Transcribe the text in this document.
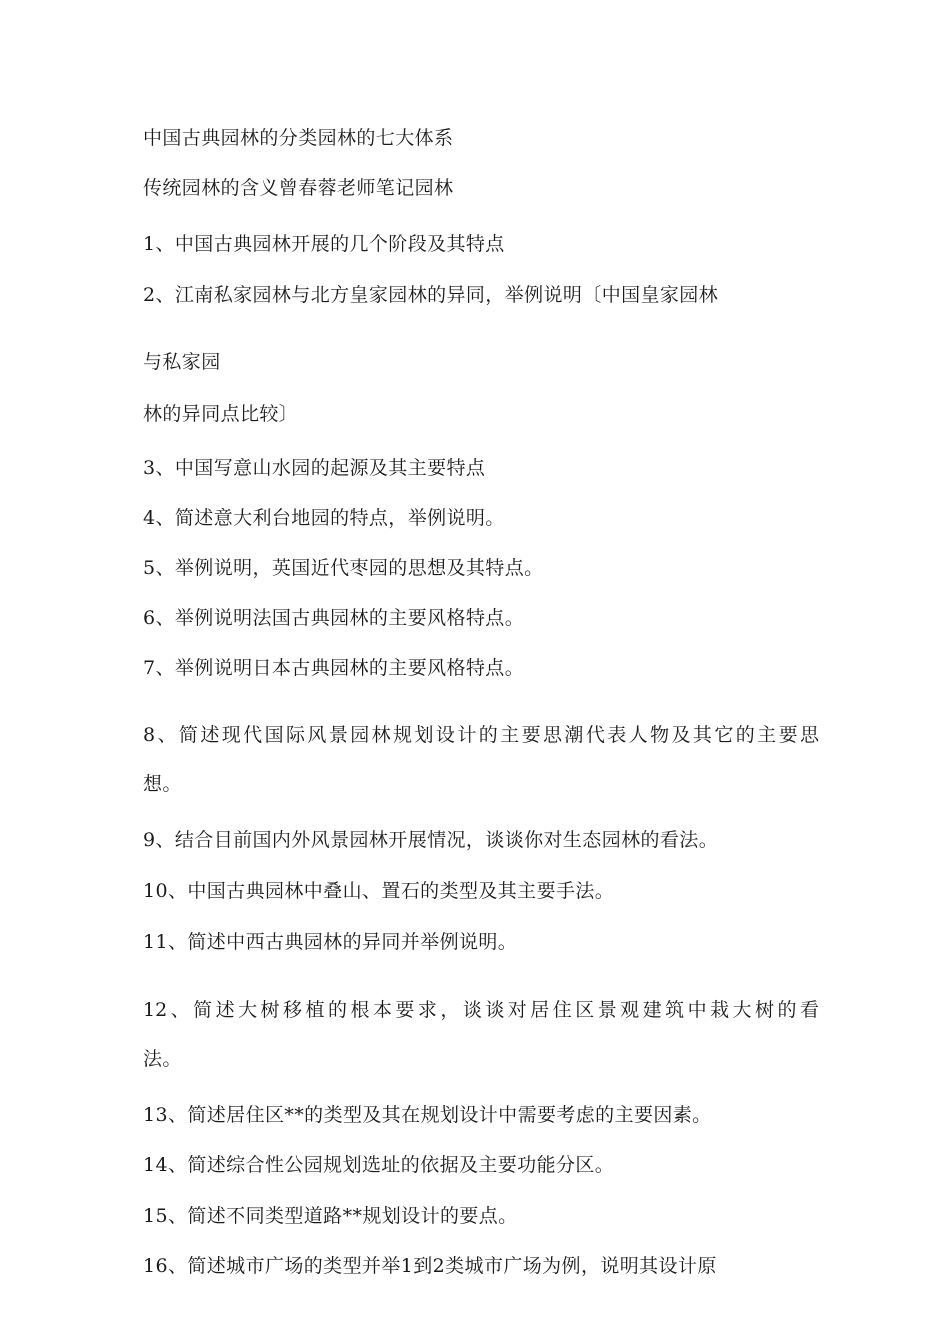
中国古典园林的分类园林的七大体系
传统园林的含义曾春蓉老师笔记园林
1、中国古典园林开展的几个阶段及其特点
2、江南私家园林与北方皇家园林的异同，举例说明〔中国皇家园林
与私家园
林的异同点比较〕
3、中国写意山水园的起源及其主要特点
4、简述意大利台地园的特点，举例说明。
5、举例说明，英国近代枣园的思想及其特点。
6、举例说明法国古典园林的主要风格特点。
7、举例说明日本古典园林的主要风格特点。
8、简述现代国际风景园林规划设计的主要思潮代表人物及其它的主要思
想。
9、结合目前国内外风景园林开展情况，谈谈你对生态园林的看法。
10、中国古典园林中叠山、置石的类型及其主要手法。
11、简述中西古典园林的异同并举例说明。
12、简述大树移植的根本要求，谈谈对居住区景观建筑中栽大树的看
法。
13、简述居住区**的类型及其在规划设计中需要考虑的主要因素。
14、简述综合性公园规划选址的依据及主要功能分区。
15、简述不同类型道路**规划设计的要点。
16、简述城市广场的类型并举1到2类城市广场为例，说明其设计原
